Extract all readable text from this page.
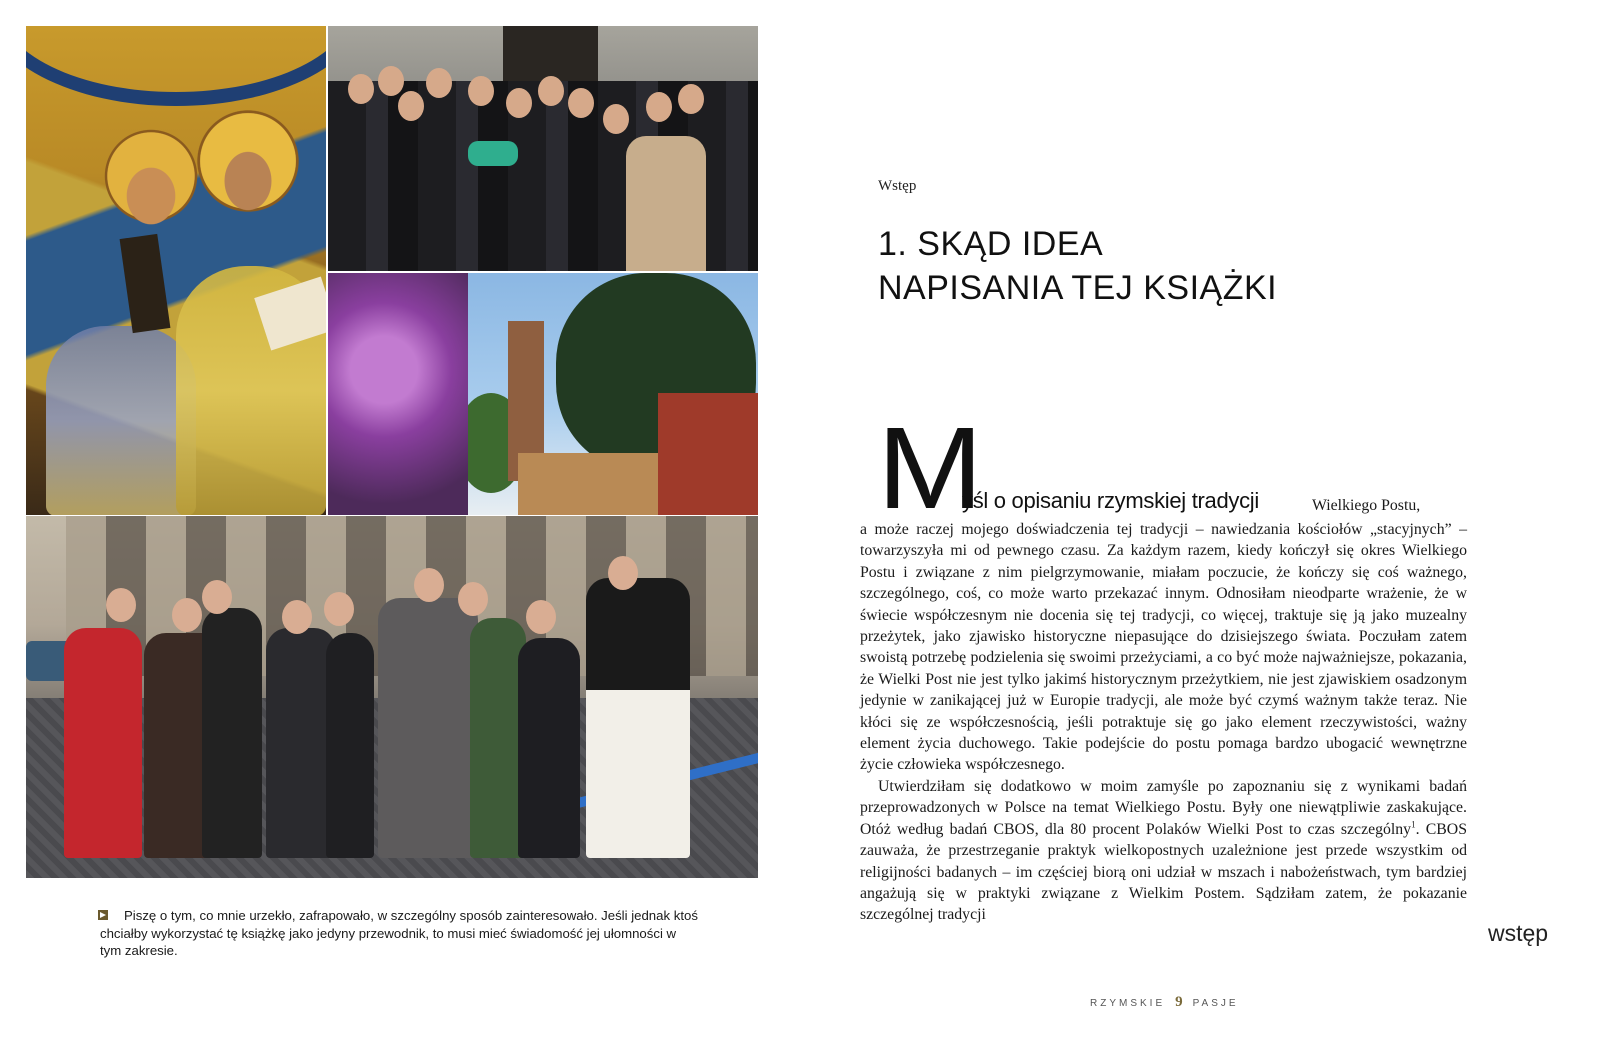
Piszę o tym, co mnie urzekło, zafrapowało, w szczególny sposób zainteresowało. Jeśli jednak ktoś chciałby wykorzystać tę książkę jako jedyny przewodnik, to musi mieć świadomość jej ułomności w tym zakresie.
Wstęp
1. SKĄD IDEA
NAPISANIA TEJ KSIĄŻKI
M
yśl o opisaniu rzymskiej tradycji	Wielkiego Postu,

a może raczej mojego doświadczenia tej tradycji – nawiedzania kościołów „stacyjnych” – towarzyszyła mi od pewnego czasu. Za każdym razem, kiedy kończył się okres Wielkiego Postu i związane z nim pielgrzymowanie, miałam poczucie, że kończy się coś ważnego, szczególnego, coś, co może warto przekazać innym. Odnosiłam nieodparte wrażenie, że w świecie współczesnym nie docenia się tej tradycji, co więcej, traktuje się ją jako muzealny przeżytek, jako zjawisko historyczne niepasujące do dzisiejszego świata. Poczułam zatem swoistą potrzebę podzielenia się swoimi przeżyciami, a co być może najważniejsze, pokazania, że Wielki Post nie jest tylko jakimś historycznym przeżytkiem, nie jest zjawiskiem osadzonym jedynie w zanikającej już w Europie tradycji, ale może być czymś ważnym także teraz. Nie kłóci się ze współczesnością, jeśli potraktuje się go jako element rzeczywistości, ważny element życia duchowego. Takie podejście do postu pomaga bardzo ubogacić wewnętrzne życie człowieka współczesnego.

Utwierdziłam się dodatkowo w moim zamyśle po zapoznaniu się z wynikami badań przeprowadzonych w Polsce na temat Wielkiego Postu. Były one niewątpliwie zaskakujące. Otóż według badań CBOS, dla 80 procent Polaków Wielki Post to czas szczególny$^1$. CBOS zauważa, że przestrzeganie praktyk wielkopostnych uzależnione jest przede wszystkim od religijności badanych – im częściej biorą oni udział w mszach i nabożeństwach, tym bardziej angażują się w praktyki związane z Wielkim Postem. Sądziłam zatem, że pokazanie szczególnej tradycji

wstęp
RZYMSKIE 9 PASJE
